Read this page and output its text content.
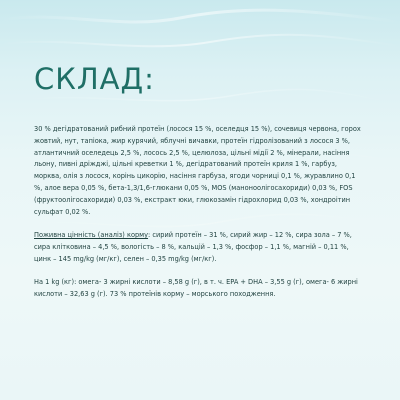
СКЛАД:

30 % дегідратований рибний протеїн (лосося 15 %, оселедця 15 %), сочевиця червона, горох жовтий, нут, тапіока, жир курячий, яблучні вичавки, протеїн гідролізований з лосося 3 %, атлантичний оселедець 2,5 %, лосось 2,5 %, целюлоза, цільні мідії 2 %, мінерали, насіння льону, пивні дріжджі, цільні креветки 1 %, дегідратований протеїн криля 1 %, гарбуз, морква, олія з лосося, корінь цикорію, насіння гарбуза, ягоди чорниці 0,1 %, журавлино 0,1 %, алое вера 0,05 %, бета-1,3/1,6-глюкани 0,05 %, MOS (маноноолігосахориди) 0,03 %, FOS (фруктоолігосахориди) 0,03 %, екстракт юки, глюкозамін гідрохлорид 0,03 %, хондроітин сульфат 0,02 %.

Поживна цінність (аналіз) корму: сирий протеїн – 31 %, сирий жир – 12 %, сира зола – 7 %, сира клітковина – 4,5 %, вологість – 8 %, кальцій – 1,3 %, фосфор – 1,1 %, магній – 0,11 %, цинк – 145 mg/kg (мг/кг), селен – 0,35 mg/kg (мг/кг).

На 1 kg (кг): омега- 3 жирні кислоти – 8,58 g (г), в т. ч. EPA + DHA – 3,55 g (г), омега- 6 жирні кислоти – 32,63 g (г). 73 % протеїнів корму – морського походження.
